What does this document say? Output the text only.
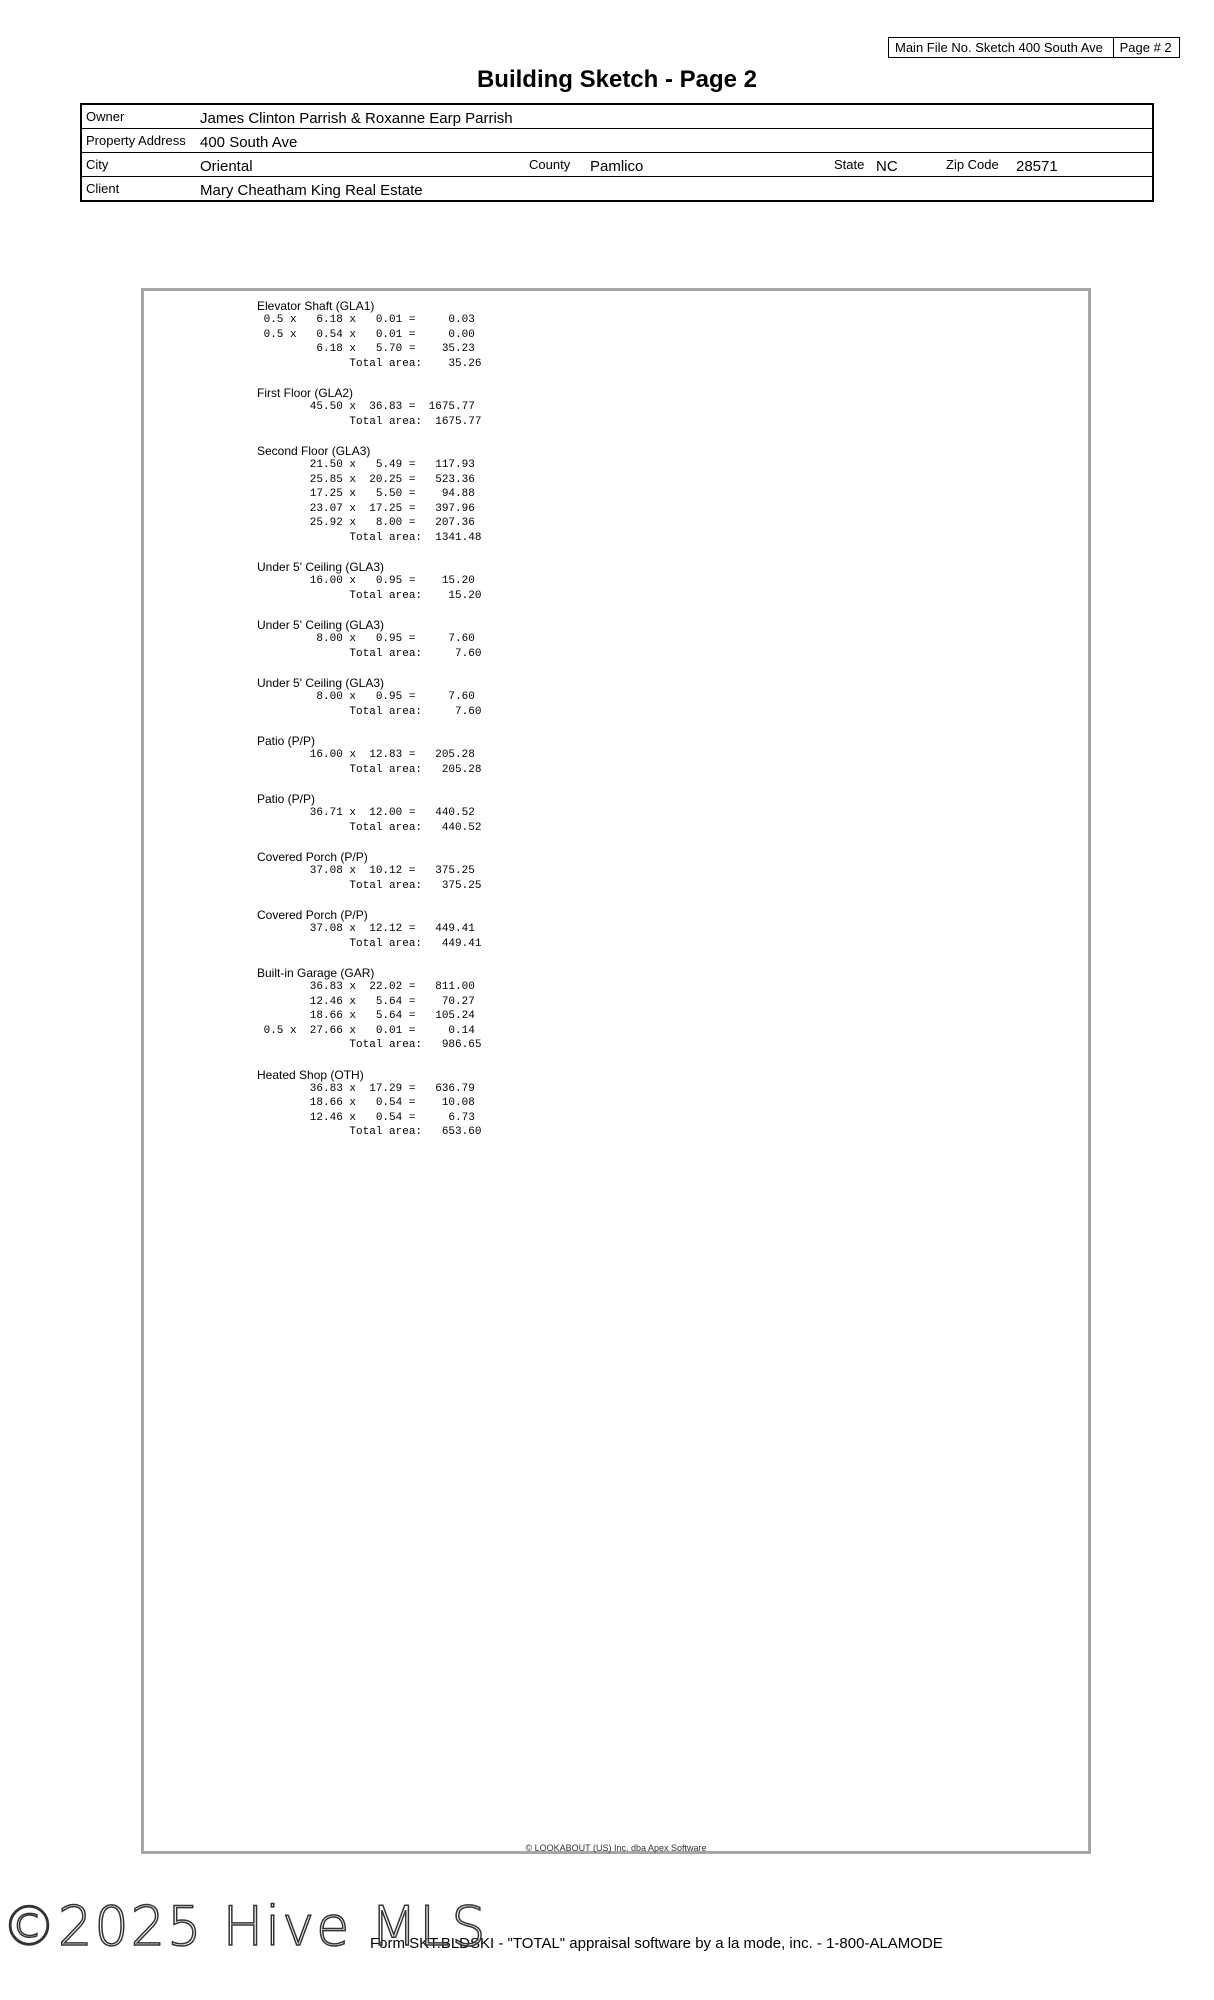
Main File No. Sketch 400 South Ave	Page # 2
Building Sketch - Page 2
Owner	James Clinton Parrish & Roxanne Earp Parrish
Property Address 400 South Ave
City	Oriental	County Pamlico	State NC	Zip Code 28571
Client	Mary Cheatham King Real Estate
Elevator Shaft (GLA1)
0.5 x   6.18 x   0.01 =     0.03
0.5 x   0.54 x   0.01 =     0.00
6.18 x   5.70 =    35.23
Total area:    35.26
First Floor (GLA2)
45.50 x  36.83 =  1675.77
Total area:  1675.77
Second Floor (GLA3)
21.50 x   5.49 =   117.93
25.85 x  20.25 =   523.36
17.25 x   5.50 =    94.88
23.07 x  17.25 =   397.96
25.92 x   8.00 =   207.36
Total area:  1341.48
Under 5' Ceiling (GLA3)
16.00 x   0.95 =    15.20
Total area:    15.20
Under 5' Ceiling (GLA3)
8.00 x   0.95 =     7.60
Total area:     7.60
Under 5' Ceiling (GLA3)
8.00 x   0.95 =     7.60
Total area:     7.60
Patio (P/P)
16.00 x  12.83 =   205.28
Total area:   205.28
Patio (P/P)
36.71 x  12.00 =   440.52
Total area:   440.52
Covered Porch (P/P)
37.08 x  10.12 =   375.25
Total area:   375.25
Covered Porch (P/P)
37.08 x  12.12 =   449.41
Total area:   449.41
Built-in Garage (GAR)
36.83 x  22.02 =   811.00
12.46 x   5.64 =    70.27
18.66 x   5.64 =   105.24
0.5 x  27.66 x   0.01 =     0.14
Total area:   986.65
Heated Shop (OTH)
36.83 x  17.29 =   636.79
18.66 x   0.54 =    10.08
12.46 x   0.54 =     6.73
Total area:   653.60
© LOOKABOUT (US) Inc. dba Apex Software
Form SKT.BLDSKI - "TOTAL" appraisal software by a la mode, inc. - 1-800-ALAMODE
©2025 Hive MLS
